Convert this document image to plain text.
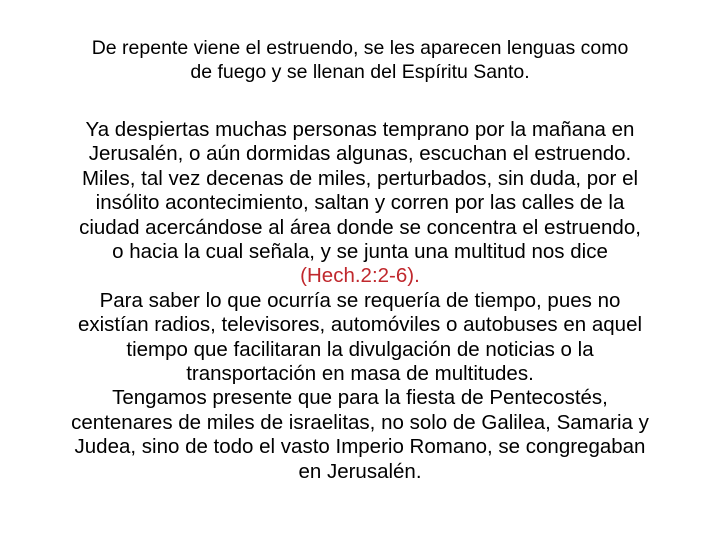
De repente viene el estruendo, se les aparecen lenguas como
de fuego y se llenan del Espíritu Santo.

Ya despiertas muchas personas temprano por la mañana en
Jerusalén, o aún dormidas algunas, escuchan el estruendo.
Miles, tal vez decenas de miles, perturbados, sin duda, por el
insólito acontecimiento, saltan y corren por las calles de la
ciudad acercándose al área donde se concentra el estruendo,
o hacia la cual señala, y se junta una multitud nos dice
(Hech.2:2-6).
Para saber lo que ocurría se requería de tiempo, pues no
existían radios, televisores, automóviles o autobuses en aquel
tiempo que facilitaran la divulgación de noticias o la
transportación en masa de multitudes.
Tengamos presente que para la fiesta de Pentecostés,
centenares de miles de israelitas, no solo de Galilea, Samaria y
Judea, sino de todo el vasto Imperio Romano, se congregaban
en Jerusalén.
